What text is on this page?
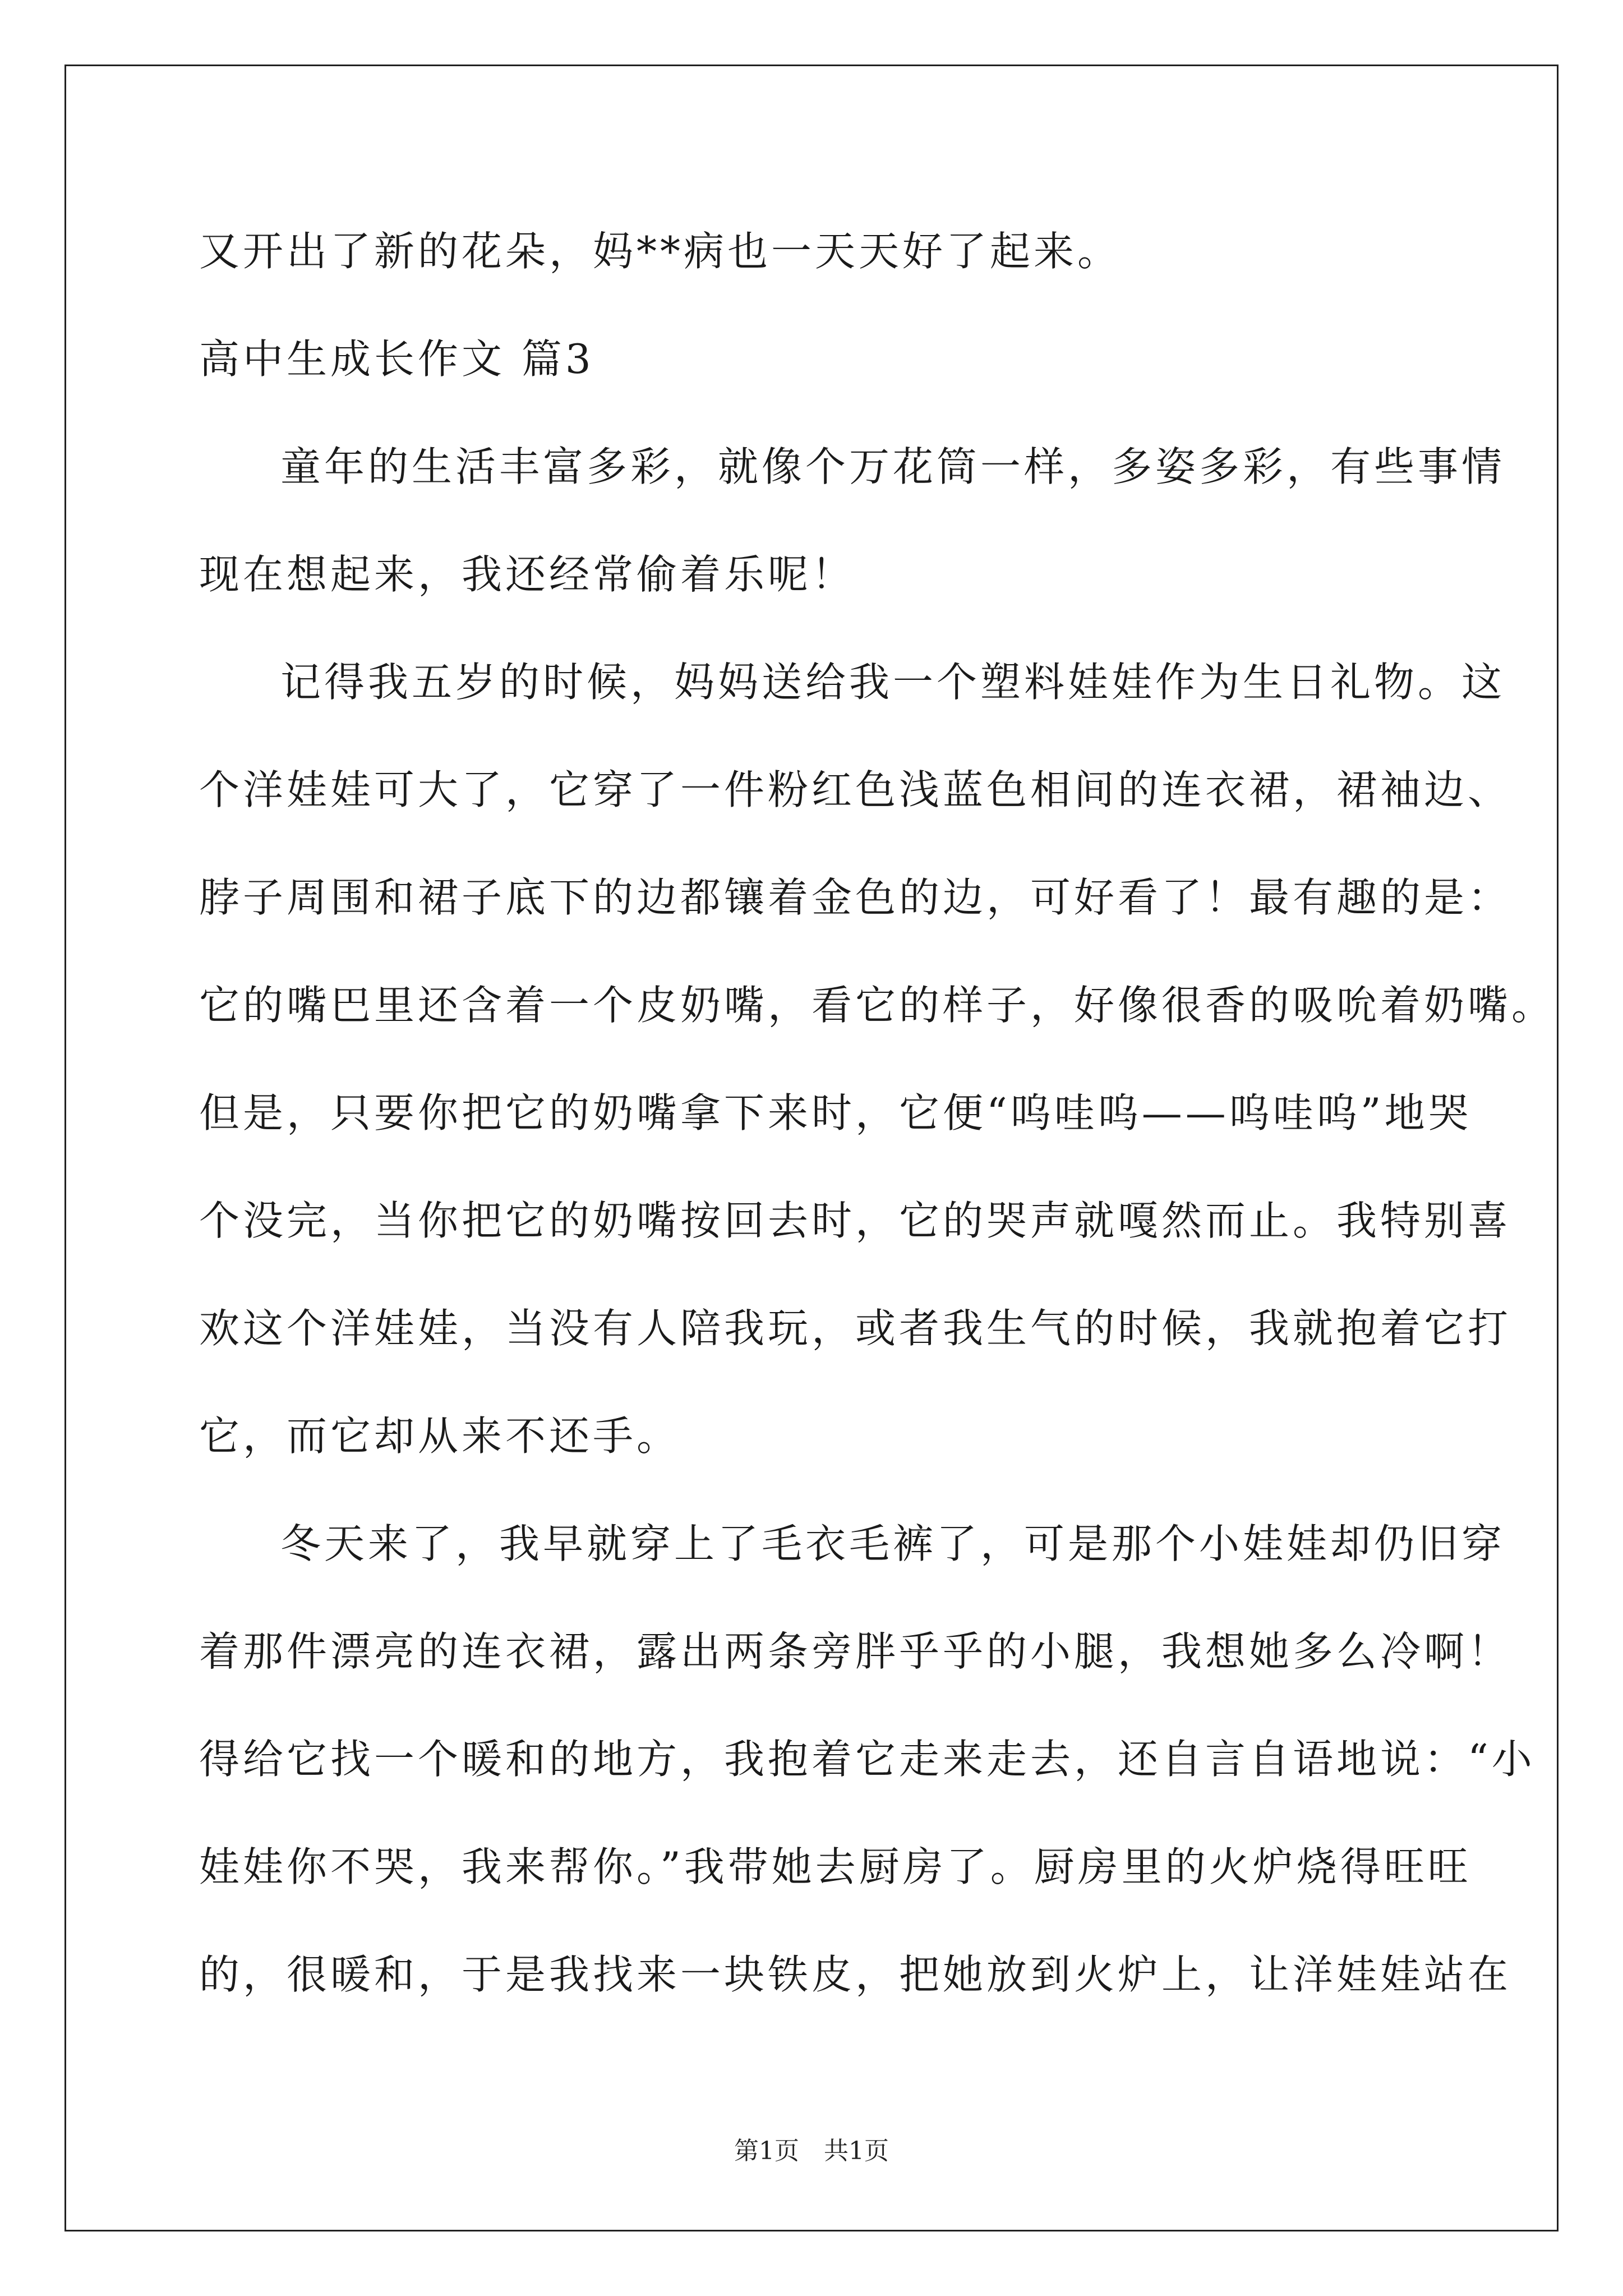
又开出了新的花朵，妈**病也一天天好了起来。
高中生成长作文 篇3
童年的生活丰富多彩，就像个万花筒一样，多姿多彩，有些事情
现在想起来，我还经常偷着乐呢！
记得我五岁的时候，妈妈送给我一个塑料娃娃作为生日礼物。这
个洋娃娃可大了，它穿了一件粉红色浅蓝色相间的连衣裙，裙袖边、
脖子周围和裙子底下的边都镶着金色的边，可好看了！最有趣的是：
它的嘴巴里还含着一个皮奶嘴，看它的样子，好像很香的吸吮着奶嘴。
但是，只要你把它的奶嘴拿下来时，它便“呜哇呜——呜哇呜”地哭
个没完，当你把它的奶嘴按回去时，它的哭声就嘎然而止。我特别喜
欢这个洋娃娃，当没有人陪我玩，或者我生气的时候，我就抱着它打
它，而它却从来不还手。
冬天来了，我早就穿上了毛衣毛裤了，可是那个小娃娃却仍旧穿
着那件漂亮的连衣裙，露出两条旁胖乎乎的小腿，我想她多么冷啊！
得给它找一个暖和的地方，我抱着它走来走去，还自言自语地说：“小
娃娃你不哭，我来帮你。”我带她去厨房了。厨房里的火炉烧得旺旺
的，很暖和，于是我找来一块铁皮，把她放到火炉上，让洋娃娃站在
第1页　共1页
